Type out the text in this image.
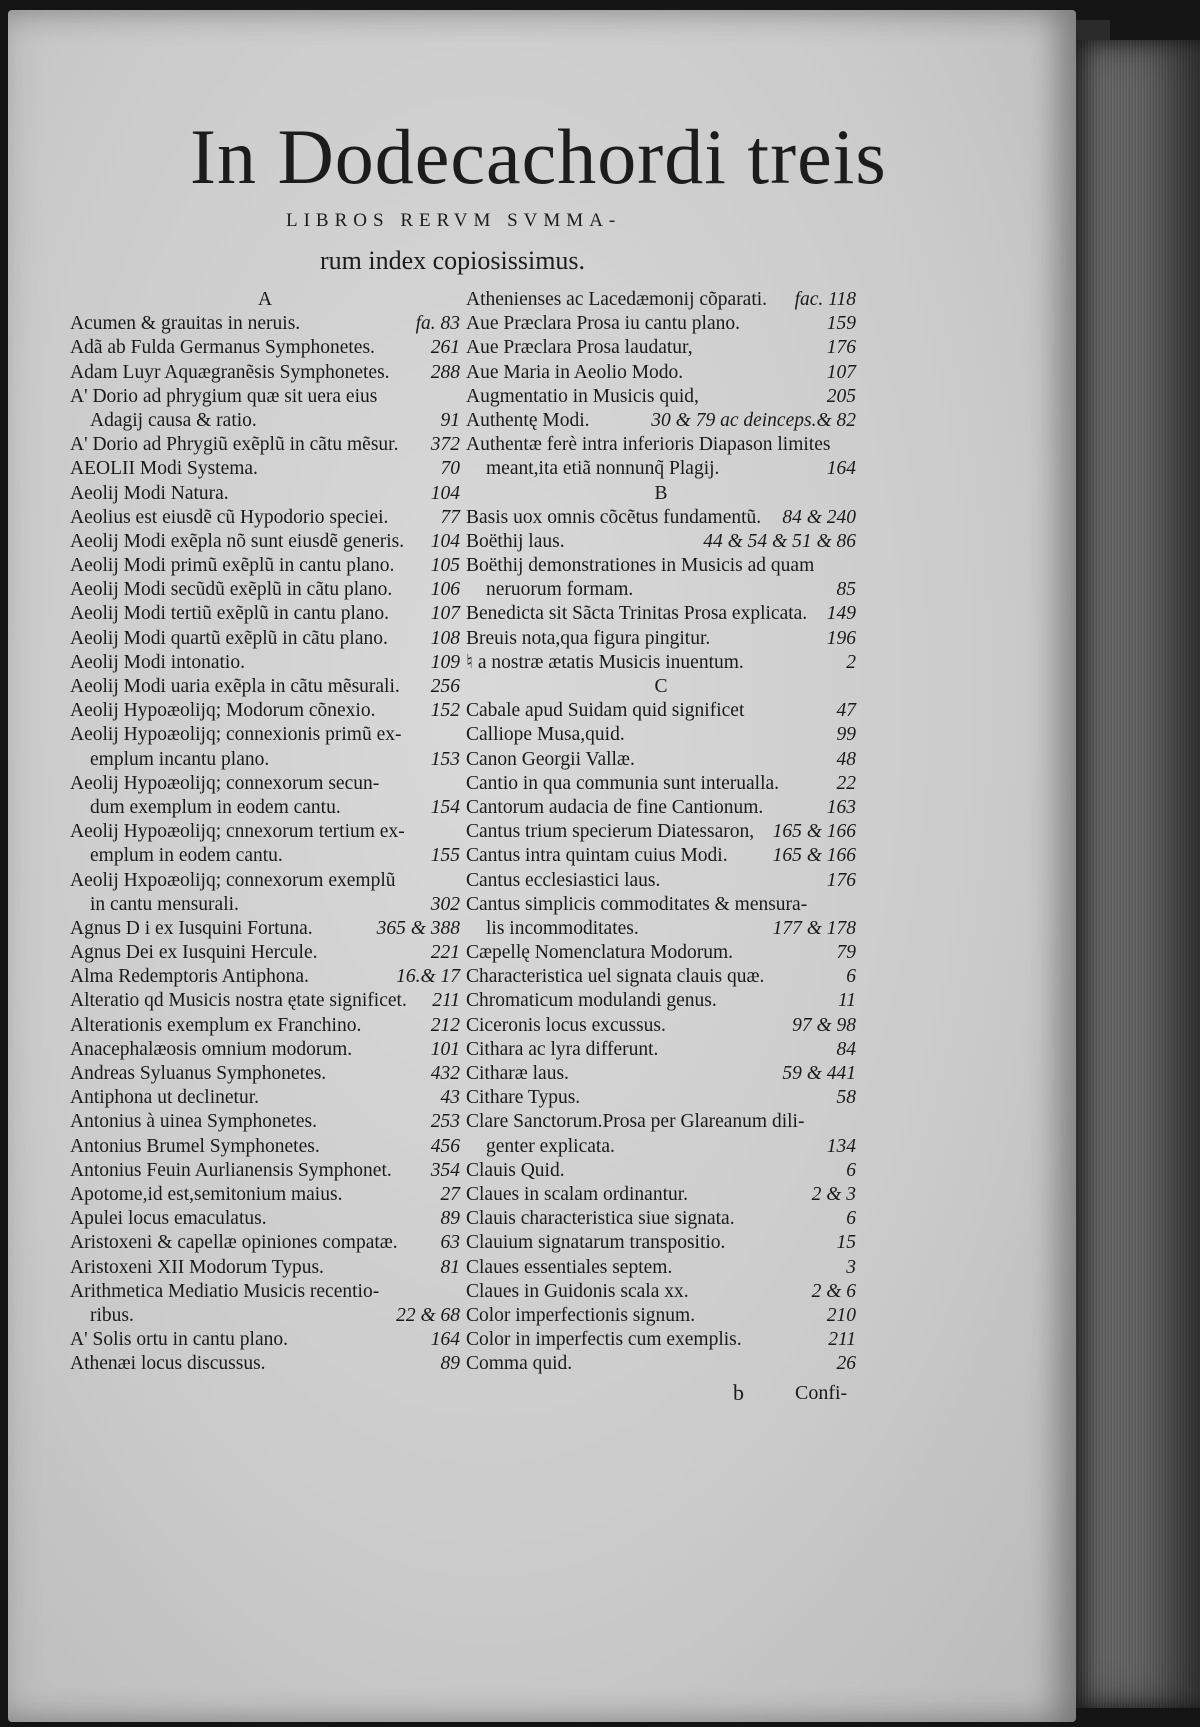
In Dodecachordi treis
LIBROS RERVM SVMMA-
rum index copiosissimus.
A
Acumen & grauitas in neruis.	fa. 83
Adã ab Fulda Germanus Symphonetes.	261
Adam Luyr Aquægranẽsis Symphonetes. 288
A' Dorio ad phrygium quæ sit uera eius
Adagij causa & ratio.	91
A' Dorio ad Phrygiũ exẽplũ in cãtu mẽsur. 372
AEOLII Modi Systema.	70
Aeolij Modi Natura.	104
Aeolius est eiusdẽ cũ Hypodorio speciei.	77
Aeolij Modi exẽpla nõ sunt eiusdẽ generis. 104
Aeolij Modi primũ exẽplũ in cantu plano. 105
Aeolij Modi secũdũ exẽplũ in cãtu plano. 106
Aeolij Modi tertiũ exẽplũ in cantu plano. 107
Aeolij Modi quartũ exẽplũ in cãtu plano. 108
Aeolij Modi intonatio.	109
Aeolij Modi uaria exẽpla in cãtu mẽsurali. 256
Aeolij Hypoæolijq; Modorum cõnexio.	152
Aeolij Hypoæolijq; connexionis primũ ex-
emplum incantu plano.	153
Aeolij Hypoæolijq; connexorum secun-
dum exemplum in eodem cantu.	154
Aeolij Hypoæolijq; cnnexorum tertium ex-
emplum in eodem cantu.	155
Aeolij Hxpoæolijq; connexorum exemplũ
in cantu mensurali.	302
Agnus D i ex Iusquini Fortuna.	365 & 388
Agnus Dei ex Iusquini Hercule.	221
Alma Redemptoris Antiphona.	16.& 17
Alteratio qd Musicis nostra ętate significet. 211
Alterationis exemplum ex Franchino.	212
Anacephalæosis omnium modorum.	101
Andreas Syluanus Symphonetes.	432
Antiphona ut declinetur.	43
Antonius à uinea Symphonetes.	253
Antonius Brumel Symphonetes.	456
Antonius Feuin Aurlianensis Symphonet. 354
Apotome,id est,semitonium maius.	27
Apulei locus emaculatus.	89
Aristoxeni & capellæ opiniones compatæ. 63
Aristoxeni XII Modorum Typus.	81
Arithmetica Mediatio Musicis recentio-
ribus.	22 & 68
A' Solis ortu in cantu plano.	164
Athenæi locus discussus.	89
Athenienses ac Lacedæmonij cõparati. fac. 118
Aue Præclara Prosa iu cantu plano.	159
Aue Præclara Prosa laudatur,	176
Aue Maria in Aeolio Modo.	107
Augmentatio in Musicis quid,	205
Authentę Modi.	30 & 79 ac deinceps.& 82
Authentæ ferè intra inferioris Diapason limites
meant,ita etiã nonnunq̃ Plagij.	164
B
Basis uox omnis cõcẽtus fundamentũ. 84 & 240
Boëthij laus.	44 & 54 & 51 & 86
Boëthij demonstrationes in Musicis ad quam
neruorum formam.	85
Benedicta sit Sãcta Trinitas Prosa explicata. 149
Breuis nota,qua figura pingitur.	196
♮ a nostræ ætatis Musicis inuentum.	2
C
Cabale apud Suidam quid significet	47
Calliope Musa,quid.	99
Canon Georgii Vallæ.	48
Cantio in qua communia sunt interualla.	22
Cantorum audacia de fine Cantionum.	163
Cantus trium specierum Diatessaron, 165 & 166
Cantus intra quintam cuius Modi. 165 & 166
Cantus ecclesiastici laus.	176
Cantus simplicis commoditates & mensura-
lis incommoditates.	177 & 178
Cæpellę Nomenclatura Modorum.	79
Characteristica uel signata clauis quæ.	6
Chromaticum modulandi genus.	11
Ciceronis locus excussus.	97 & 98
Cithara ac lyra differunt.	84
Citharæ laus.	59 & 441
Cithare Typus.	58
Clare Sanctorum.Prosa per Glareanum dili-
genter explicata.	134
Clauis Quid.	6
Claues in scalam ordinantur.	2 & 3
Clauis characteristica siue signata.	6
Clauium signatarum transpositio.	15
Claues essentiales septem.	3
Claues in Guidonis scala xx.	2 & 6
Color imperfectionis signum.	210
Color in imperfectis cum exemplis.	211
Comma quid.	26
b	Confi-
